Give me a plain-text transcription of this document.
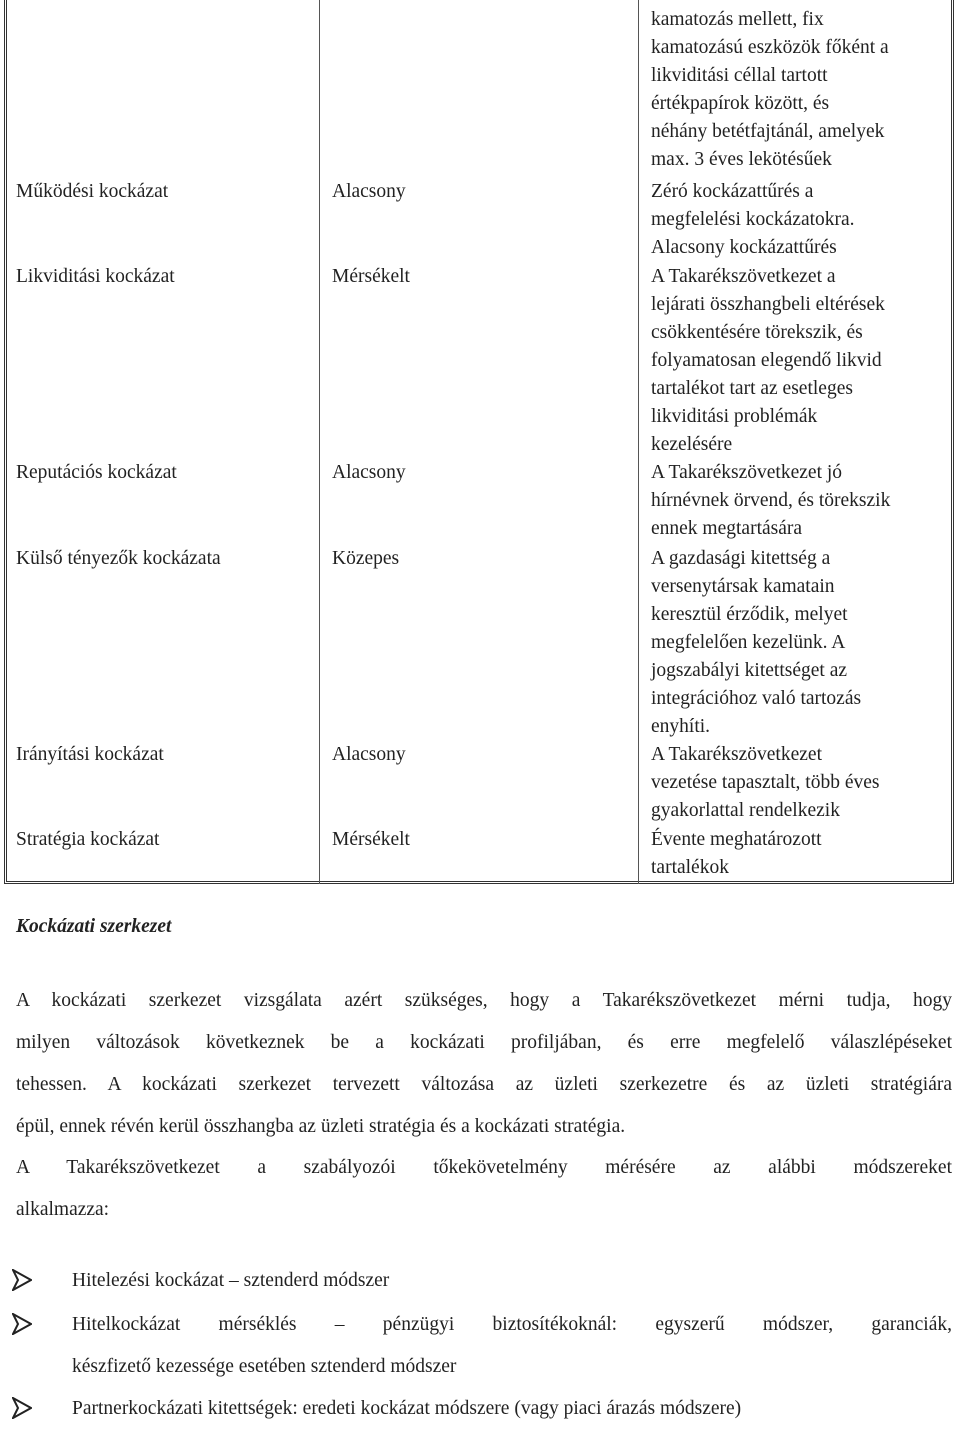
kamatozás mellett, fix
kamatozású eszközök főként a
likviditási céllal tartott
értékpapírok között, és
néhány betétfajtánál, amelyek
max. 3 éves lekötésűek
Működési kockázat	Alacsony	Zéró kockázattűrés a
megfelelési kockázatokra.
Alacsony kockázattűrés
Likviditási kockázat	Mérsékelt	A Takarékszövetkezet a
lejárati összhangbeli eltérések
csökkentésére törekszik, és
folyamatosan elegendő likvid
tartalékot tart az esetleges
likviditási problémák
kezelésére
Reputációs kockázat	Alacsony	A Takarékszövetkezet jó
hírnévnek örvend, és törekszik
ennek megtartására
Külső tényezők kockázata	Közepes	A gazdasági kitettség a
versenytársak kamatain
keresztül érződik, melyet
megfelelően kezelünk. A
jogszabályi kitettséget az
integrációhoz való tartozás
enyhíti.
Irányítási kockázat	Alacsony	A Takarékszövetkezet
vezetése tapasztalt, több éves
gyakorlattal rendelkezik
Stratégia kockázat	Mérsékelt	Évente meghatározott
tartalékok
Kockázati szerkezet
A kockázati szerkezet vizsgálata azért szükséges, hogy a Takarékszövetkezet mérni tudja, hogy
milyen változások következnek be a kockázati profiljában, és erre megfelelő válaszlépéseket
tehessen. A kockázati szerkezet tervezett változása az üzleti szerkezetre és az üzleti stratégiára
épül, ennek révén kerül összhangba az üzleti stratégia és a kockázati stratégia.
A Takarékszövetkezet a szabályozói tőkekövetelmény mérésére az alábbi módszereket
alkalmazza:
Hitelezési kockázat – sztenderd módszer
Hitelkockázat mérséklés – pénzügyi biztosítékoknál: egyszerű módszer, garanciák,
készfizető kezessége esetében sztenderd módszer
Partnerkockázati kitettségek: eredeti kockázat módszere (vagy piaci árazás módszere)
